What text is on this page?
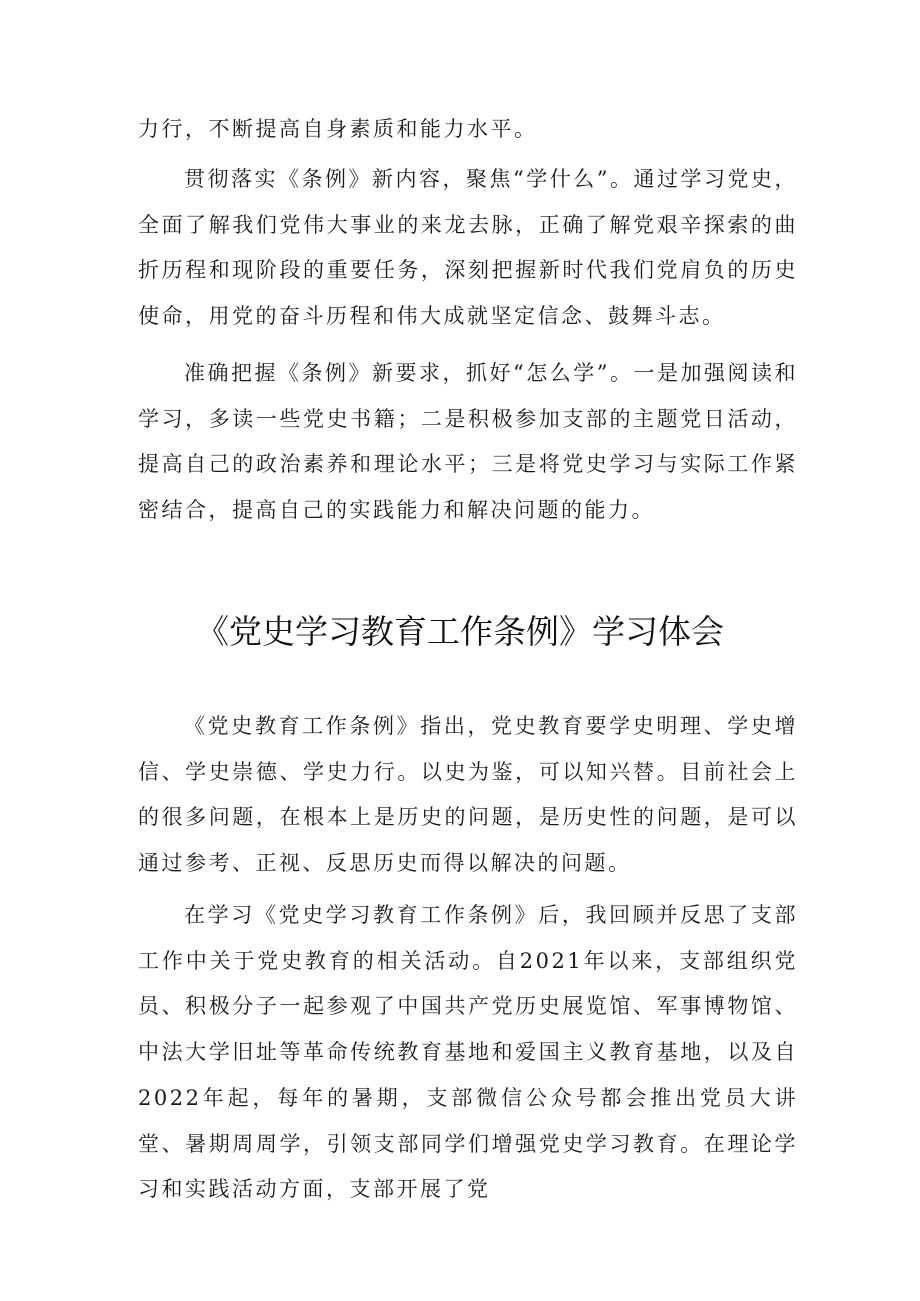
力行，不断提高自身素质和能力水平。

贯彻落实《条例》新内容，聚焦“学什么”。通过学习党史，全面了解我们党伟大事业的来龙去脉，正确了解党艰辛探索的曲折历程和现阶段的重要任务，深刻把握新时代我们党肩负的历史使命，用党的奋斗历程和伟大成就坚定信念、鼓舞斗志。

准确把握《条例》新要求，抓好“怎么学”。一是加强阅读和学习，多读一些党史书籍；二是积极参加支部的主题党日活动，提高自己的政治素养和理论水平；三是将党史学习与实际工作紧密结合，提高自己的实践能力和解决问题的能力。

《党史学习教育工作条例》学习体会

《党史教育工作条例》指出，党史教育要学史明理、学史增信、学史崇德、学史力行。以史为鉴，可以知兴替。目前社会上的很多问题，在根本上是历史的问题，是历史性的问题，是可以通过参考、正视、反思历史而得以解决的问题。

在学习《党史学习教育工作条例》后，我回顾并反思了支部工作中关于党史教育的相关活动。自2021年以来，支部组织党员、积极分子一起参观了中国共产党历史展览馆、军事博物馆、中法大学旧址等革命传统教育基地和爱国主义教育基地，以及自2022年起，每年的暑期，支部微信公众号都会推出党员大讲堂、暑期周周学，引领支部同学们增强党史学习教育。在理论学习和实践活动方面，支部开展了党
